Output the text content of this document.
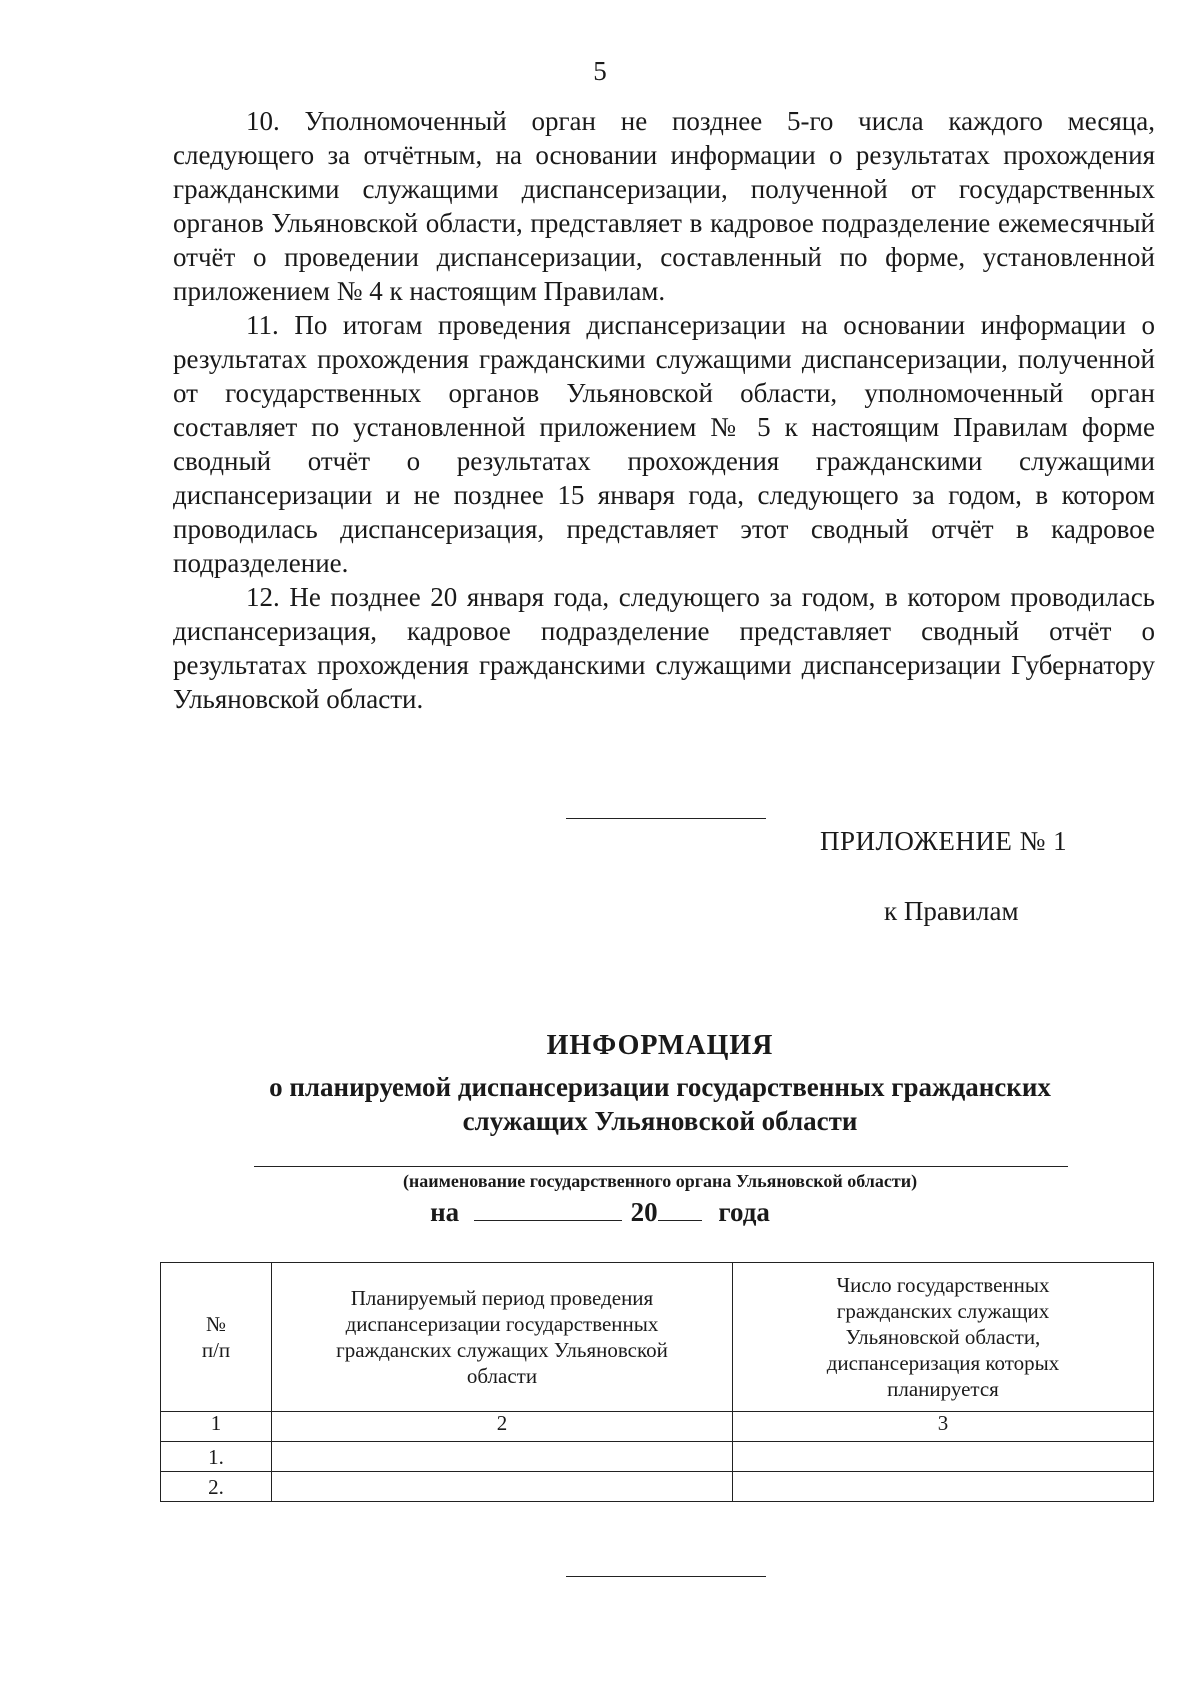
5

10. Уполномоченный орган не позднее 5-го числа каждого месяца, следующего за отчётным, на основании информации о результатах прохождения гражданскими служащими диспансеризации, полученной от государственных органов Ульяновской области, представляет в кадровое подразделение ежемесячный отчёт о проведении диспансеризации, составленный по форме, установленной приложением № 4 к настоящим Правилам.

11. По итогам проведения диспансеризации на основании информации о результатах прохождения гражданскими служащими диспансеризации, полученной от государственных органов Ульяновской области, уполномоченный орган составляет по установленной приложением № 5 к настоящим Правилам форме сводный отчёт о результатах прохождения гражданскими служащими диспансеризации и не позднее 15 января года, следующего за годом, в котором проводилась диспансеризация, представляет этот сводный отчёт в кадровое подразделение.

12. Не позднее 20 января года, следующего за годом, в котором проводилась диспансеризация, кадровое подразделение представляет сводный отчёт о результатах прохождения гражданскими служащими диспансеризации Губернатору Ульяновской области.

ПРИЛОЖЕНИЕ № 1
к Правилам
ИНФОРМАЦИЯ
о планируемой диспансеризации государственных гражданских
служащих Ульяновской области
(наименование государственного органа Ульяновской области)
на	20 года
№ п/п	Планируемый период проведения диспансеризации государственных гражданских служащих Ульяновской области	Число государственных гражданских служащих Ульяновской области, диспансеризация которых планируется

1	2	3
1.		
2.		
